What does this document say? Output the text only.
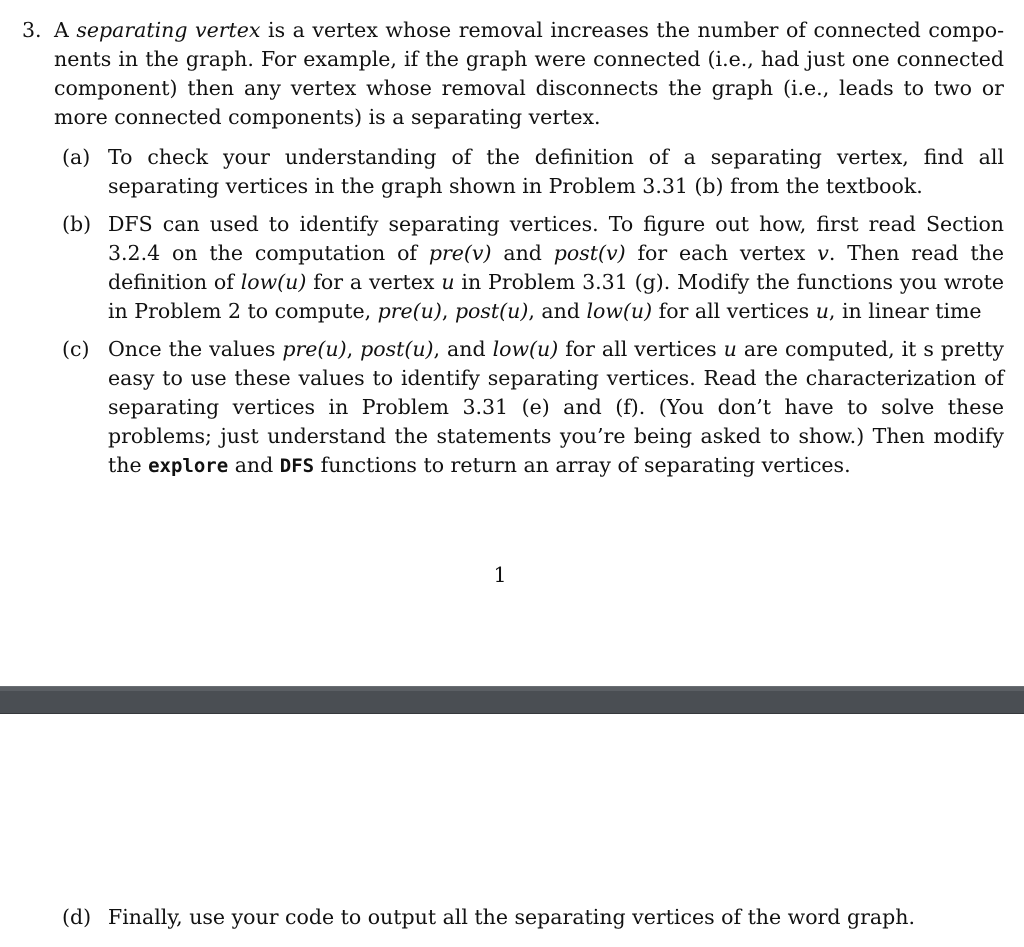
3. A separating vertex is a vertex whose removal increases the number of connected compo-nents in the graph. For example, if the graph were connected (i.e., had just one connected component) then any vertex whose removal disconnects the graph (i.e., leads to two or more connected components) is a separating vertex.
(a) To check your understanding of the definition of a separating vertex, find all separating vertices in the graph shown in Problem 3.31 (b) from the textbook.
(b) DFS can used to identify separating vertices. To figure out how, first read Section 3.2.4 on the computation of pre(v) and post(v) for each vertex v. Then read the definition of low(u) for a vertex u in Problem 3.31 (g). Modify the functions you wrote in Problem 2 to compute, pre(u), post(u), and low(u) for all vertices u, in linear time
(c) Once the values pre(u), post(u), and low(u) for all vertices u are computed, it s pretty easy to use these values to identify separating vertices. Read the characterization of separating vertices in Problem 3.31 (e) and (f). (You don’t have to solve these problems; just understand the statements you’re being asked to show.) Then modify the explore and DFS functions to return an array of separating vertices.
1
(d) Finally, use your code to output all the separating vertices of the word graph.
